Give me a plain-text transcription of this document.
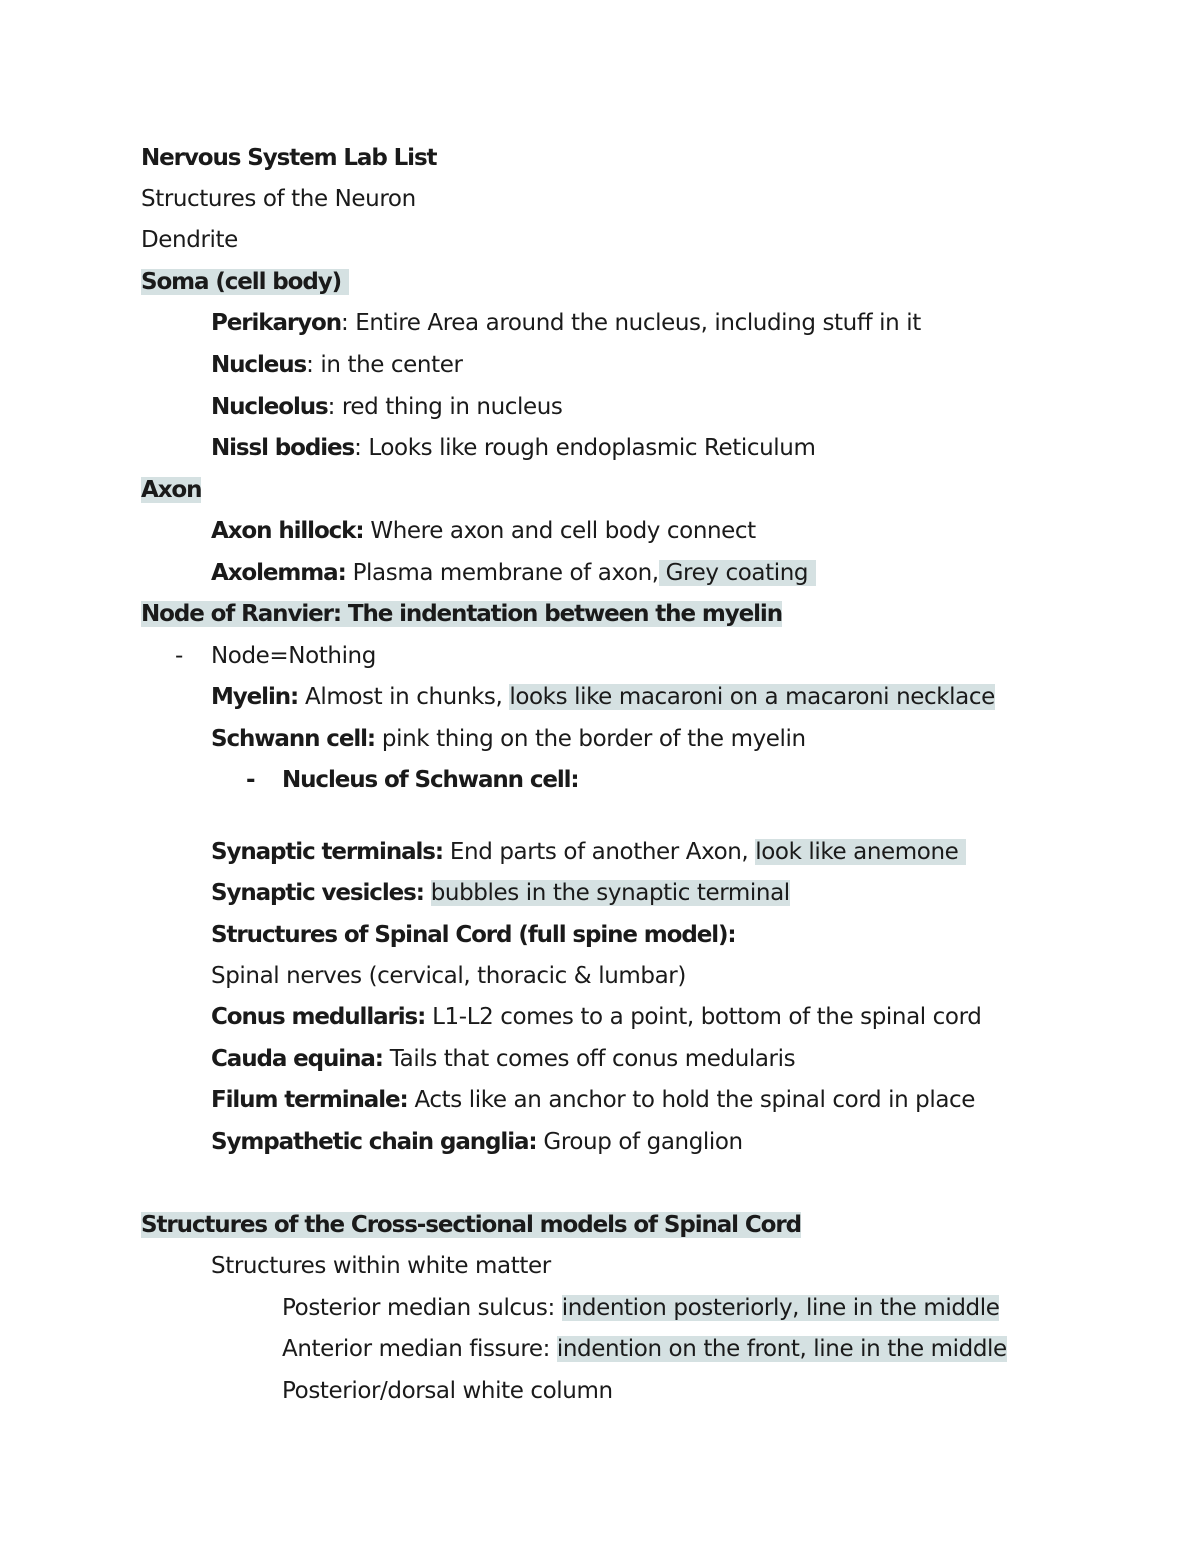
Nervous System Lab List
Structures of the Neuron
Dendrite
Soma (cell body)
Perikaryon: Entire Area around the nucleus, including stuff in it
Nucleus: in the center
Nucleolus: red thing in nucleus
Nissl bodies: Looks like rough endoplasmic Reticulum
Axon
Axon hillock: Where axon and cell body connect
Axolemma: Plasma membrane of axon, Grey coating
Node of Ranvier: The indentation between the myelin
- Node=Nothing
Myelin: Almost in chunks, looks like macaroni on a macaroni necklace
Schwann cell: pink thing on the border of the myelin
- Nucleus of Schwann cell:
Synaptic terminals: End parts of another Axon, look like anemone
Synaptic vesicles: bubbles in the synaptic terminal
Structures of Spinal Cord (full spine model):
Spinal nerves (cervical, thoracic & lumbar)
Conus medullaris: L1-L2 comes to a point, bottom of the spinal cord
Cauda equina: Tails that comes off conus medularis
Filum terminale: Acts like an anchor to hold the spinal cord in place
Sympathetic chain ganglia: Group of ganglion
Structures of the Cross-sectional models of Spinal Cord
Structures within white matter
Posterior median sulcus: indention posteriorly, line in the middle
Anterior median fissure: indention on the front, line in the middle
Posterior/dorsal white column
